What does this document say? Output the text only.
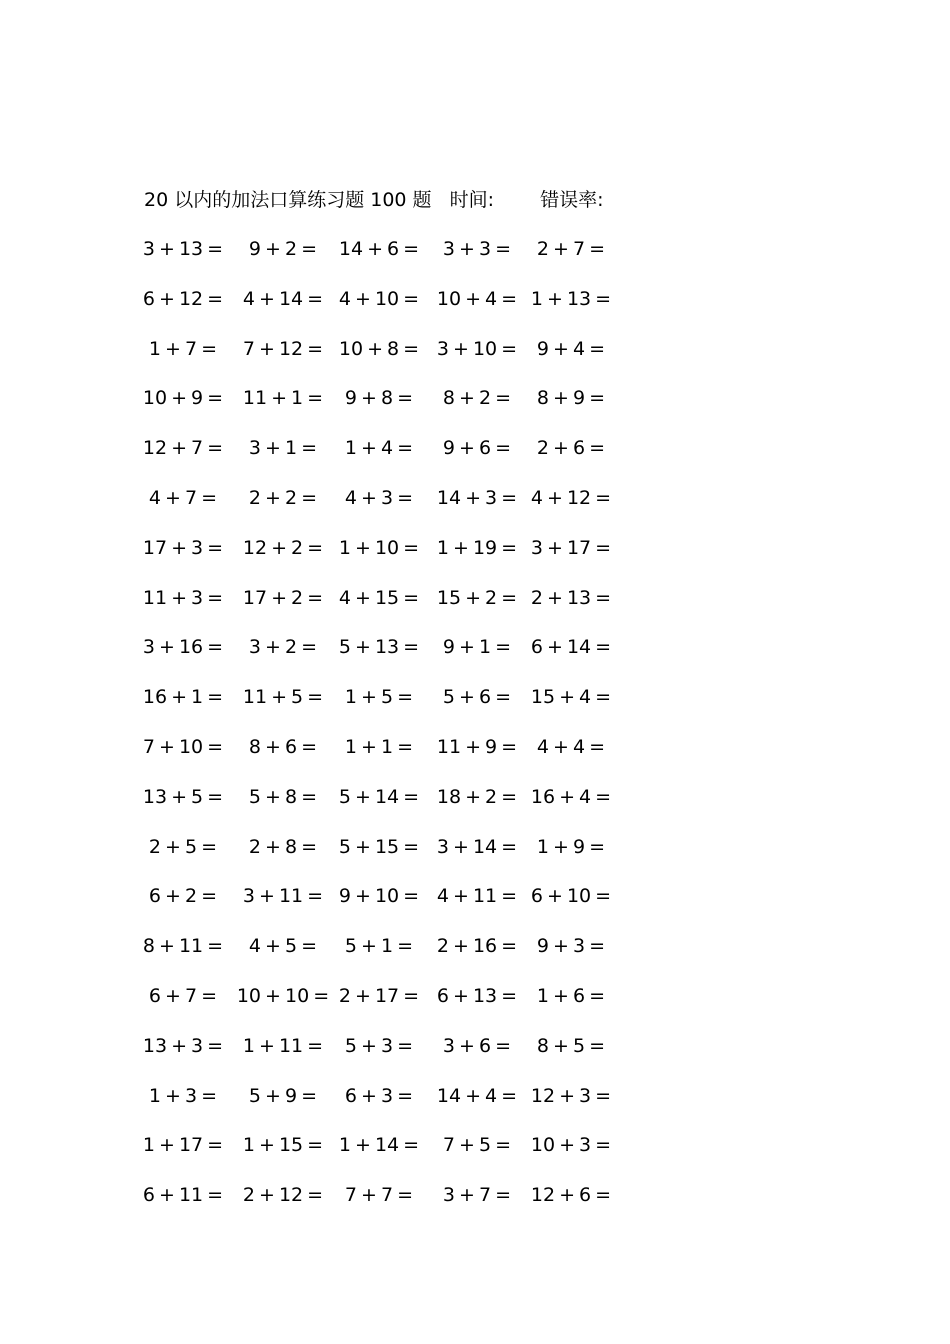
20 以内的加法口算练习题 100 题 时间: 错误率:
3 + 13 =	9 + 2 =	14 + 6 =	3 + 3 =	2 + 7 =
6 + 12 =	4 + 14 = 4 + 10 = 10 + 4 = 1 + 13 =
1 + 7 =	7 + 12 = 10 + 8 = 3 + 10 =	9 + 4 =
10 + 9 =	11 + 1 =	9 + 8 =	8 + 2 =	8 + 9 =
12 + 7 =	3 + 1 =	1 + 4 =	9 + 6 =	2 + 6 =
4 + 7 =	2 + 2 =	4 + 3 =	14 + 3 = 4 + 12 =
17 + 3 =	12 + 2 = 1 + 10 = 1 + 19 = 3 + 17 =
11 + 3 =	17 + 2 = 4 + 15 = 15 + 2 = 2 + 13 =
3 + 16 =	3 + 2 =	5 + 13 =	9 + 1 =	6 + 14 =
16 + 1 =	11 + 5 =	1 + 5 =	5 + 6 =	15 + 4 =
7 + 10 =	8 + 6 =	1 + 1 =	11 + 9 =	4 + 4 =
13 + 5 =	5 + 8 =	5 + 14 = 18 + 2 = 16 + 4 =
2 + 5 =	2 + 8 =	5 + 15 = 3 + 14 =	1 + 9 =
6 + 2 =	3 + 11 = 9 + 10 = 4 + 11 = 6 + 10 =
8 + 11 =	4 + 5 =	5 + 1 =	2 + 16 =	9 + 3 =
6 + 7 =	10 + 10 = 2 + 17 = 6 + 13 =	1 + 6 =
13 + 3 =	1 + 11 =	5 + 3 =	3 + 6 =	8 + 5 =
1 + 3 =	5 + 9 =	6 + 3 =	14 + 4 = 12 + 3 =
1 + 17 =	1 + 15 = 1 + 14 =	7 + 5 =	10 + 3 =
6 + 11 =	2 + 12 =	7 + 7 =	3 + 7 =	12 + 6 =
